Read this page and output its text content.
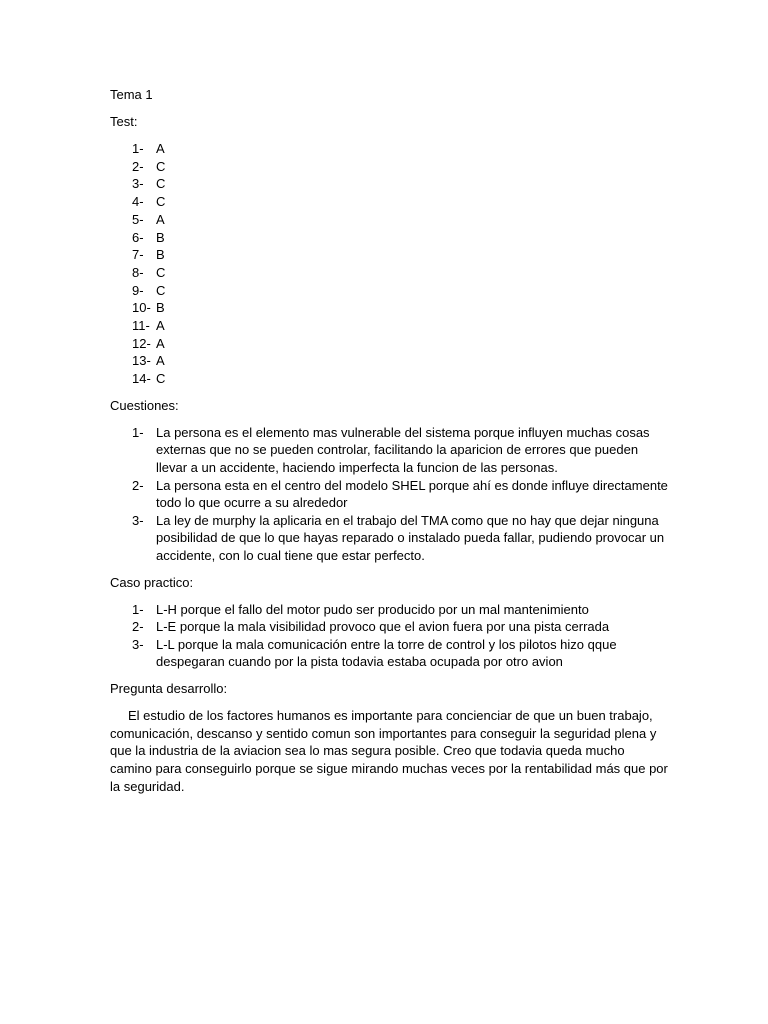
Tema 1
Test:
1- A
2- C
3- C
4- C
5- A
6- B
7- B
8- C
9- C
10- B
11- A
12- A
13- A
14- C
Cuestiones:
1- La persona es el elemento mas vulnerable del sistema porque influyen muchas cosas externas que no se pueden controlar, facilitando la aparicion de errores que pueden llevar a un accidente, haciendo imperfecta la funcion de las personas.
2- La persona esta en el centro del modelo SHEL porque ahí es donde influye directamente todo lo que ocurre a su alrededor
3- La ley de murphy la aplicaria en el trabajo del TMA como que no hay que dejar ninguna posibilidad de que lo que hayas reparado o instalado pueda fallar, pudiendo provocar un accidente, con lo cual tiene que estar perfecto.
Caso practico:
1- L-H porque el fallo del motor pudo ser producido por un mal mantenimiento
2- L-E porque la mala visibilidad provoco que el avion fuera por una pista cerrada
3- L-L porque la mala comunicación entre la torre de control y los pilotos hizo qque despegaran cuando por la pista todavia estaba ocupada por otro avion
Pregunta desarrollo:

El estudio de los factores humanos es importante para concienciar de que un buen trabajo, comunicación, descanso y sentido comun son importantes para conseguir la seguridad plena y que la industria de la aviacion sea lo mas segura posible. Creo que todavia queda mucho camino para conseguirlo porque se sigue mirando muchas veces por la rentabilidad más que por la seguridad.
